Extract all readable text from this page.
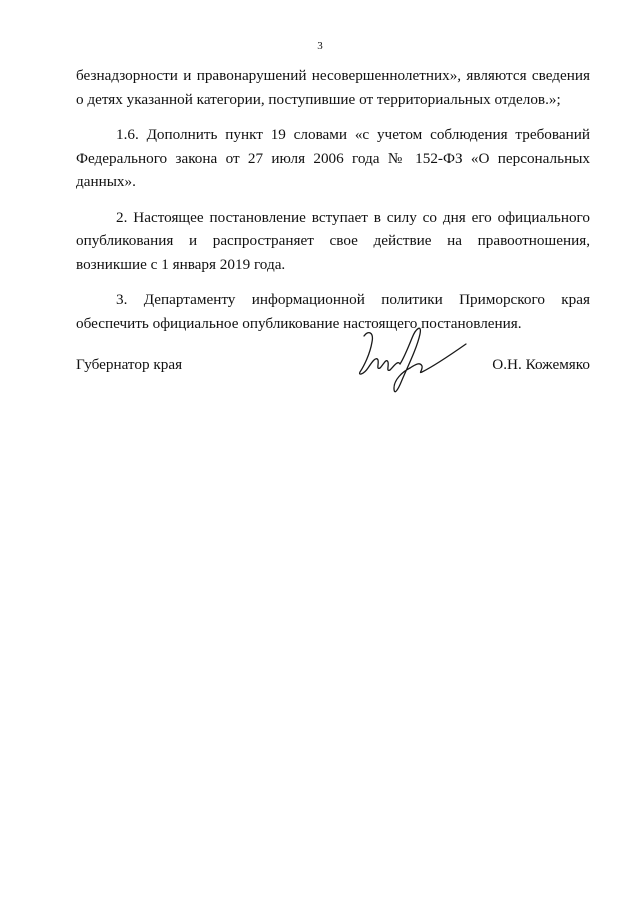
3

безнадзорности и правонарушений несовершеннолетних», являются сведения о детях указанной категории, поступившие от территориальных отделов.»;

1.6. Дополнить пункт 19 словами «с учетом соблюдения требований Федерального закона от 27 июля 2006 года № 152-ФЗ «О персональных данных».

2. Настоящее постановление вступает в силу со дня его официального опубликования и распространяет свое действие на правоотношения, возникшие с 1 января 2019 года.

3. Департаменту информационной политики Приморского края обеспечить официальное опубликование настоящего постановления.

Губернатор края	О.Н. Кожемяко
